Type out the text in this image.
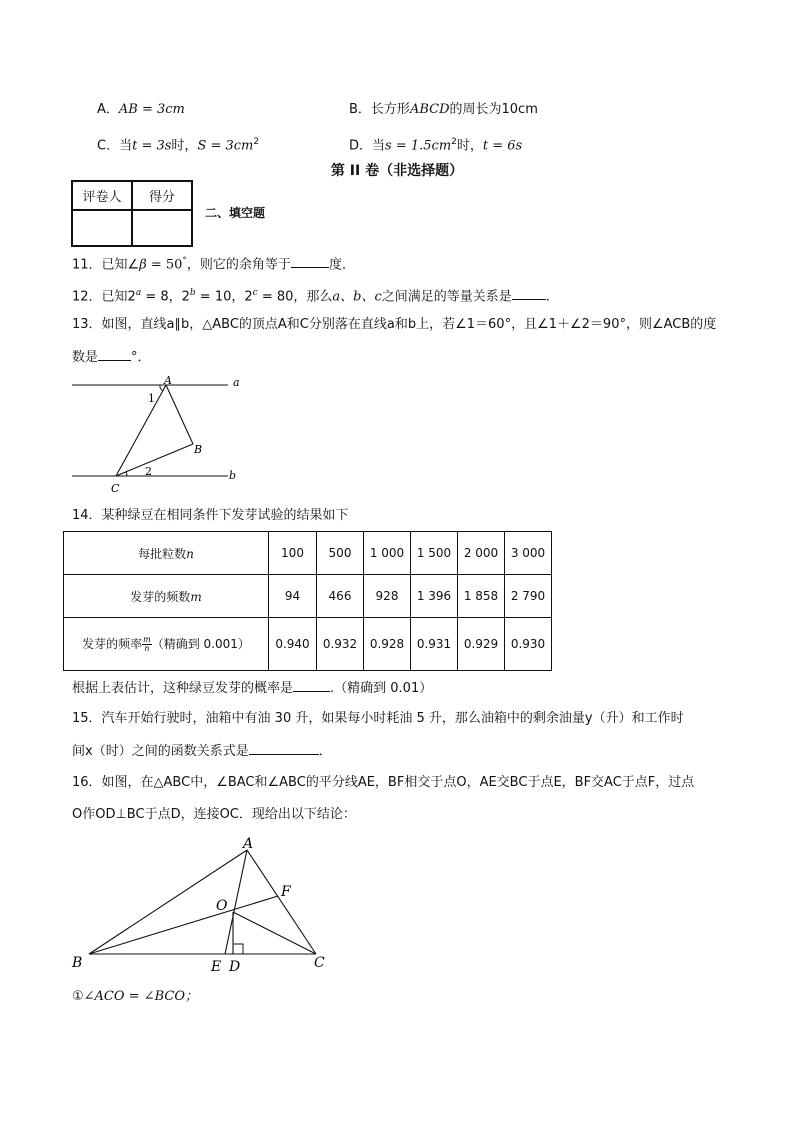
A．AB = 3cm	B．长方形ABCD的周长为10cm
C．当t = 3s时，$S = 3cm^2$	D．当$s = 1.5cm^2$时，t = 6s
第 II 卷（非选择题）
评卷人	得分

二、填空题
11．已知∠β = 50°，则它的余角等于	度．
12．已知$2^a = 8$，$2^b = 10$，$2^c = 80$，那么a、b、c之间满足的等量关系是	.
13．如图，直线a∥b，△ABC的顶点A和C分别落在直线a和b上，若∠1＝60°，且∠1＋∠2＝90°，则∠ACB的度
数是	°．
A
B
C
a
b
1
2
14．某种绿豆在相同条件下发芽试验的结果如下
每批粒数n	100	500	1 000	1 500	2 000	3 000
发芽的频数m	94	466	928	1 396	1 858	2 790
发芽的频率 $\frac{m}{n}$ （精确到 0.001）	0.940	0.932	0.928	0.931	0.929	0.930
根据上表估计，这种绿豆发芽的概率是	.（精确到 0.01）
15．汽车开始行驶时，油箱中有油 30 升，如果每小时耗油 5 升，那么油箱中的剩余油量y（升）和工作时
间x（时）之间的函数关系式是	．
16．如图，在△ABC中，∠BAC和∠ABC的平分线AE，BF相交于点O，AE交BC于点E，BF交AC于点F，过点
O作OD⊥BC于点D，连接OC．现给出以下结论：
A
B	C
D
E
F
O
①∠ACO = ∠BCO；
